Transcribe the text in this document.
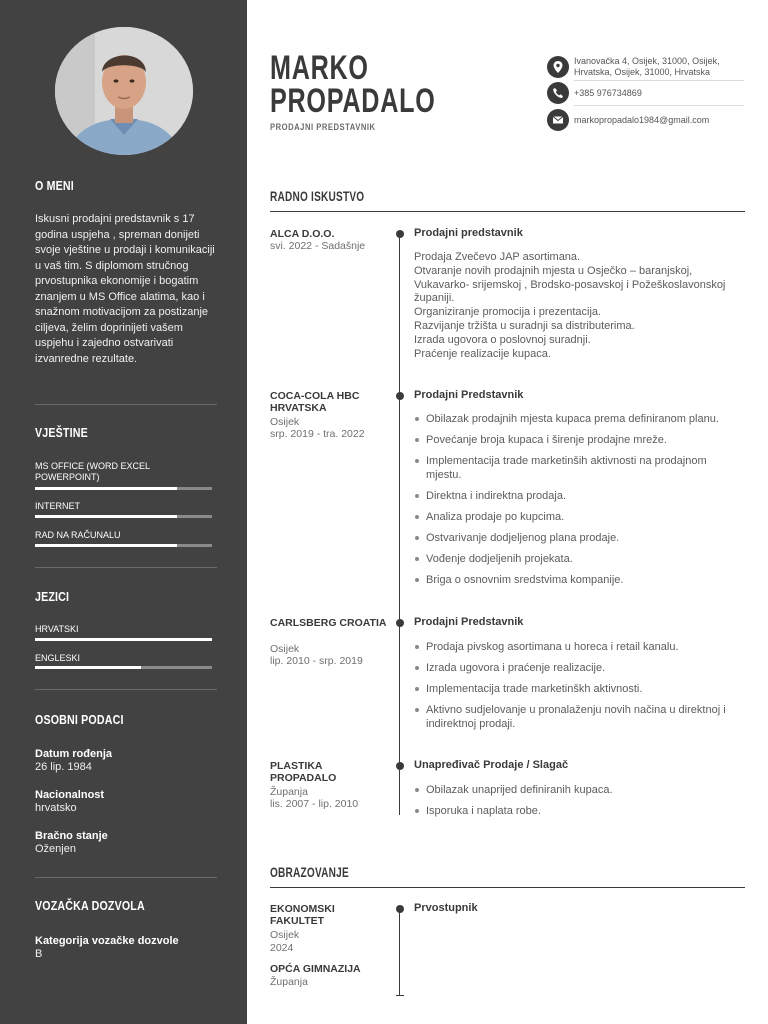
O MENI
Iskusni prodajni predstavnik s 17 godina uspjeha , spreman donijeti svoje vještine u prodaji i komunikaciji u vaš tim. S diplomom stručnog prvostupnika ekonomije i bogatim znanjem u MS Office alatima, kao i snažnom motivacijom za postizanje ciljeva, želim doprinijeti vašem uspjehu i zajedno ostvarivati izvanredne rezultate.
VJEŠTINE
MS OFFICE (WORD EXCEL POWERPOINT)
INTERNET
RAD NA RAČUNALU
JEZICI
HRVATSKI
ENGLESKI
OSOBNI PODACI
Datum rođenja
26 lip. 1984
Nacionalnost
hrvatsko
Bračno stanje
Oženjen
VOZAČKA DOZVOLA
Kategorija vozačke dozvole
B
MARKO
PROPADALO
PRODAJNI PREDSTAVNIK
Ivanovačka 4, Osijek, 31000, Osijek, Hrvatska, Osijek, 31000, Hrvatska
+385 976734869
markopropadalo1984@gmail.com
RADNO ISKUSTVO
ALCA D.O.O.
svi. 2022 - Sadašnje
Prodajni predstavnik
Prodaja Zvečevo JAP asortimana.
Otvaranje novih prodajnih mjesta u Osječko – baranjskoj, Vukavarko- srijemskoj , Brodsko-posavskoj i Požeškoslavonskoj županiji.
Organiziranje promocija i prezentacija.
Razvijanje tržišta u suradnji sa distributerima.
Izrada ugovora o poslovnoj suradnji.
Praćenje realizacije kupaca.
COCA-COLA HBC HRVATSKA
Osijek
srp. 2019 - tra. 2022
Prodajni Predstavnik
Obilazak prodajnih mjesta kupaca prema definiranom planu.
Povećanje broja kupaca i širenje prodajne mreže.
Implementacija trade marketinših aktivnosti na prodajnom mjestu.
Direktna i indirektna prodaja.
Analiza prodaje po kupcima.
Ostvarivanje dodjeljenog plana prodaje.
Vođenje dodjeljenih projekata.
Briga o osnovnim sredstvima kompanije.
CARLSBERG CROATIA
Osijek
lip. 2010 - srp. 2019
Prodajni Predstavnik
Prodaja pivskog asortimana u horeca i retail kanalu.
Izrada ugovora i praćenje realizacije.
Implementacija trade marketinškh aktivnosti.
Aktivno sudjelovanje u pronalaženju novih načina u direktnoj i indirektnoj prodaji.
PLASTIKA PROPADALO
Županja
lis. 2007 - lip. 2010
Unapređivač Prodaje / Slagač
Obilazak unaprijed definiranih kupaca.
Isporuka i naplata robe.
OBRAZOVANJE
EKONOMSKI FAKULTET
Osijek
2024
Prvostupnik
OPĆA GIMNAZIJA
Županja
